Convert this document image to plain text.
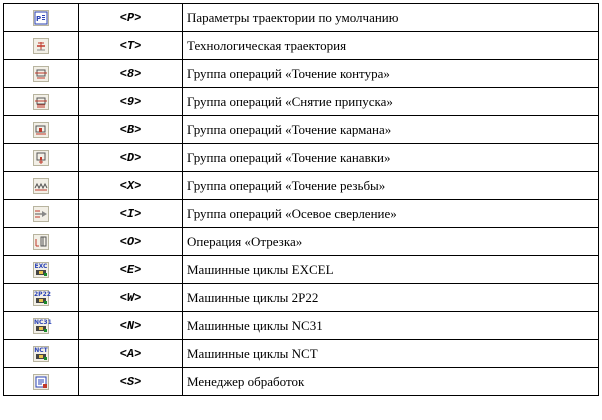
P	<P>	Параметры траектории по умолчанию

	<T>	Технологическая траектория

	<8>	Группа операций «Точение контура»

	<9>	Группа операций «Снятие припуска»

	<B>	Группа операций «Точение кармана»

	<D>	Группа операций «Точение канавки»

	<X>	Группа операций «Точение резьбы»

	<I>	Группа операций «Осевое сверление»

	<O>	Операция «Отрезка»

EXC	<E>	Машинные циклы EXCEL

2P22	<W>	Машинные циклы 2P22

NC31	<N>	Машинные циклы NC31

NCT	<A>	Машинные циклы NCT

	<S>	Менеджер обработок
